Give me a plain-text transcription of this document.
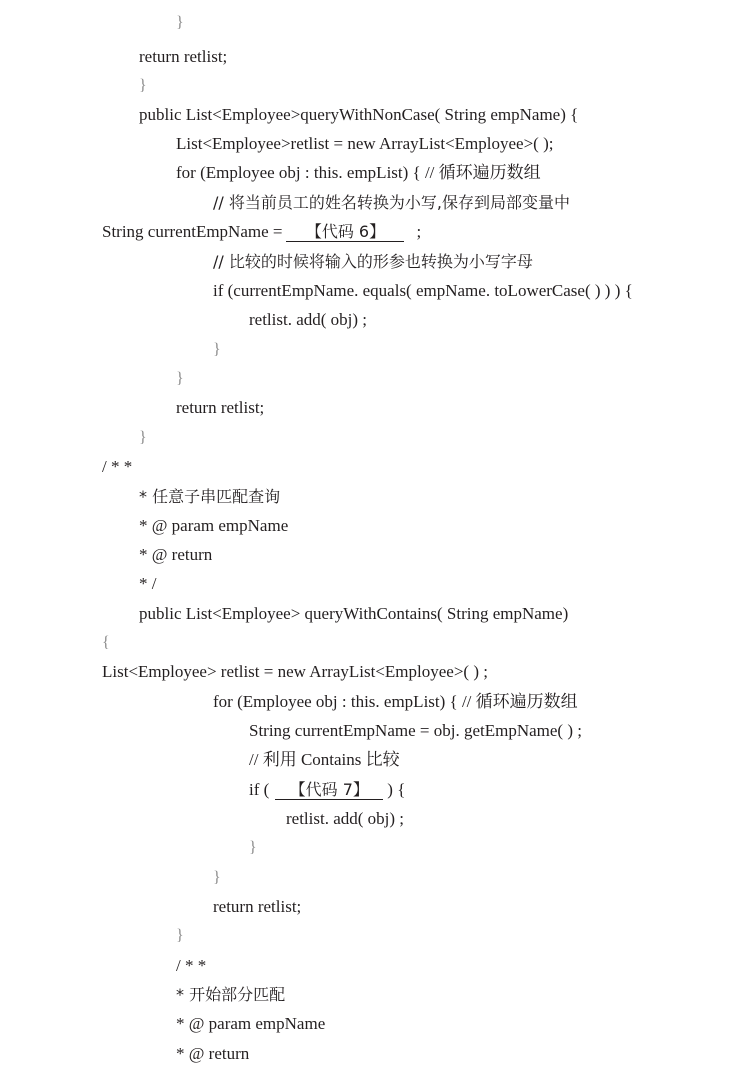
}
return retlist;
}
public List<Employee>queryWithNonCase( String empName) {
List<Employee>retlist = new ArrayList<Employee>( );
for (Employee obj : this. empList) { // 循环遍历数组
// 将当前员工的姓名转换为小写,保存到局部变量中
String currentEmpName = 【代码 6】 ;
// 比较的时候将输入的形参也转换为小写字母
if (currentEmpName. equals( empName. toLowerCase( ) ) ) {
retlist. add( obj) ;
}
}
return retlist;
}
/ * *
* 任意子串匹配查询
* @ param empName
* @ return
* /
public List<Employee> queryWithContains( String empName)
{
List<Employee> retlist = new ArrayList<Employee>( ) ;
for (Employee obj : this. empList) { // 循环遍历数组
String currentEmpName = obj. getEmpName( ) ;
// 利用 Contains 比较
if ( 【代码 7】 ) {
retlist. add( obj) ;
}
}
return retlist;
}
/ * *
* 开始部分匹配
* @ param empName
* @ return
